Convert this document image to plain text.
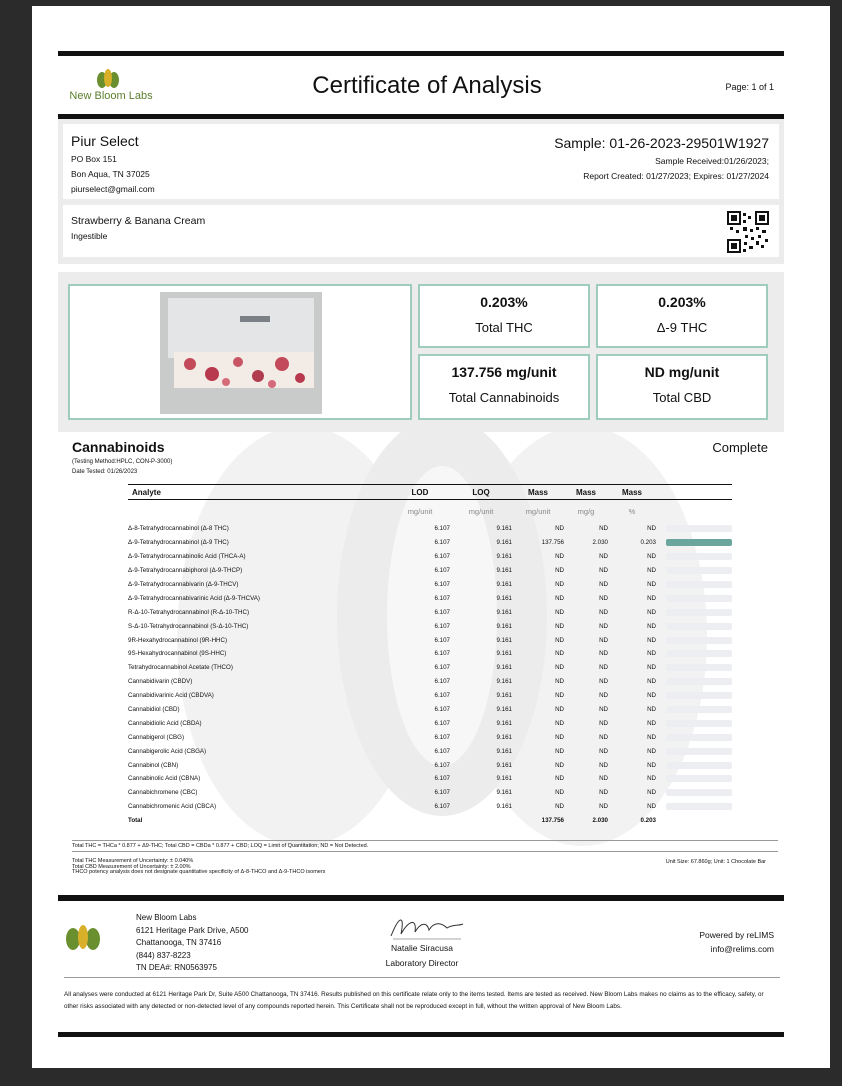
New Bloom Labs	Certificate of Analysis	Page: 1 of 1
Piur Select
PO Box 151
Bon Aqua, TN 37025
piurselect@gmail.com
Sample: 01-26-2023-29501W1927
Sample Received:01/26/2023;
Report Created: 01/27/2023; Expires: 01/27/2024
Strawberry & Banana Cream
Ingestible
0.203%
Total THC
0.203%
Δ-9 THC
137.756 mg/unit
Total Cannabinoids
ND mg/unit
Total CBD
Cannabinoids	Complete
(Testing Method:HPLC, CON-P-3000)
Date Tested: 01/26/2023
Analyte	LOD	LOQ	Mass	Mass	Mass	
	mg/unit	mg/unit	mg/unit	mg/g	%	
Δ-8-Tetrahydrocannabinol (Δ-8 THC)	6.107	9.161	ND	ND	ND	

Δ-9-Tetrahydrocannabinol (Δ-9 THC)	6.107	9.161	137.756	2.030	0.203	

Δ-9-Tetrahydrocannabinolic Acid (THCA-A)	6.107	9.161	ND	ND	ND	

Δ-9-Tetrahydrocannabiphorol (Δ-9-THCP)	6.107	9.161	ND	ND	ND	

Δ-9-Tetrahydrocannabivarin (Δ-9-THCV)	6.107	9.161	ND	ND	ND	

Δ-9-Tetrahydrocannabivarinic Acid (Δ-9-THCVA)	6.107	9.161	ND	ND	ND	

R-Δ-10-Tetrahydrocannabinol (R-Δ-10-THC)	6.107	9.161	ND	ND	ND	

S-Δ-10-Tetrahydrocannabinol (S-Δ-10-THC)	6.107	9.161	ND	ND	ND	

9R-Hexahydrocannabinol (9R-HHC)	6.107	9.161	ND	ND	ND	

9S-Hexahydrocannabinol (9S-HHC)	6.107	9.161	ND	ND	ND	

Tetrahydrocannabinol Acetate (THCO)	6.107	9.161	ND	ND	ND	

Cannabidivarin (CBDV)	6.107	9.161	ND	ND	ND	

Cannabidivarinic Acid (CBDVA)	6.107	9.161	ND	ND	ND	

Cannabidiol (CBD)	6.107	9.161	ND	ND	ND	

Cannabidiolic Acid (CBDA)	6.107	9.161	ND	ND	ND	

Cannabigerol (CBG)	6.107	9.161	ND	ND	ND	

Cannabigerolic Acid (CBGA)	6.107	9.161	ND	ND	ND	

Cannabinol (CBN)	6.107	9.161	ND	ND	ND	

Cannabinolic Acid (CBNA)	6.107	9.161	ND	ND	ND	

Cannabichromene (CBC)	6.107	9.161	ND	ND	ND	

Cannabichromenic Acid (CBCA)	6.107	9.161	ND	ND	ND	

Total			137.756	2.030	0.203	
Total THC = THCa * 0.877 + Δ9-THC; Total CBD = CBDa * 0.877 + CBD; LOQ = Limit of Quantitation; ND = Not Detected.
Total THC Measurement of Uncertainty: ± 0.040%
Total CBD Measurement of Uncertainty: ± 2.00%
THCO potency analysis does not designate quantitative specificity of Δ-8-THCO and Δ-9-THCO isomers
Unit Size: 67.860g; Unit: 1 Chocolate Bar
New Bloom Labs
6121 Heritage Park Drive, A500
Chattanooga, TN 37416
(844) 837-8223
TN DEA#: RN0563975
Natalie Siracusa
Laboratory Director
Powered by reLIMS
info@relims.com
All analyses were conducted at 6121 Heritage Park Dr, Suite A500 Chattanooga, TN 37416. Results published on this certificate relate only to the items tested. Items are tested as received. New Bloom Labs makes no claims as to the efficacy, safety, or other risks associated with any detected or non-detected level of any compounds reported herein. This Certificate shall not be reproduced except in full, without the written approval of New Bloom Labs.
